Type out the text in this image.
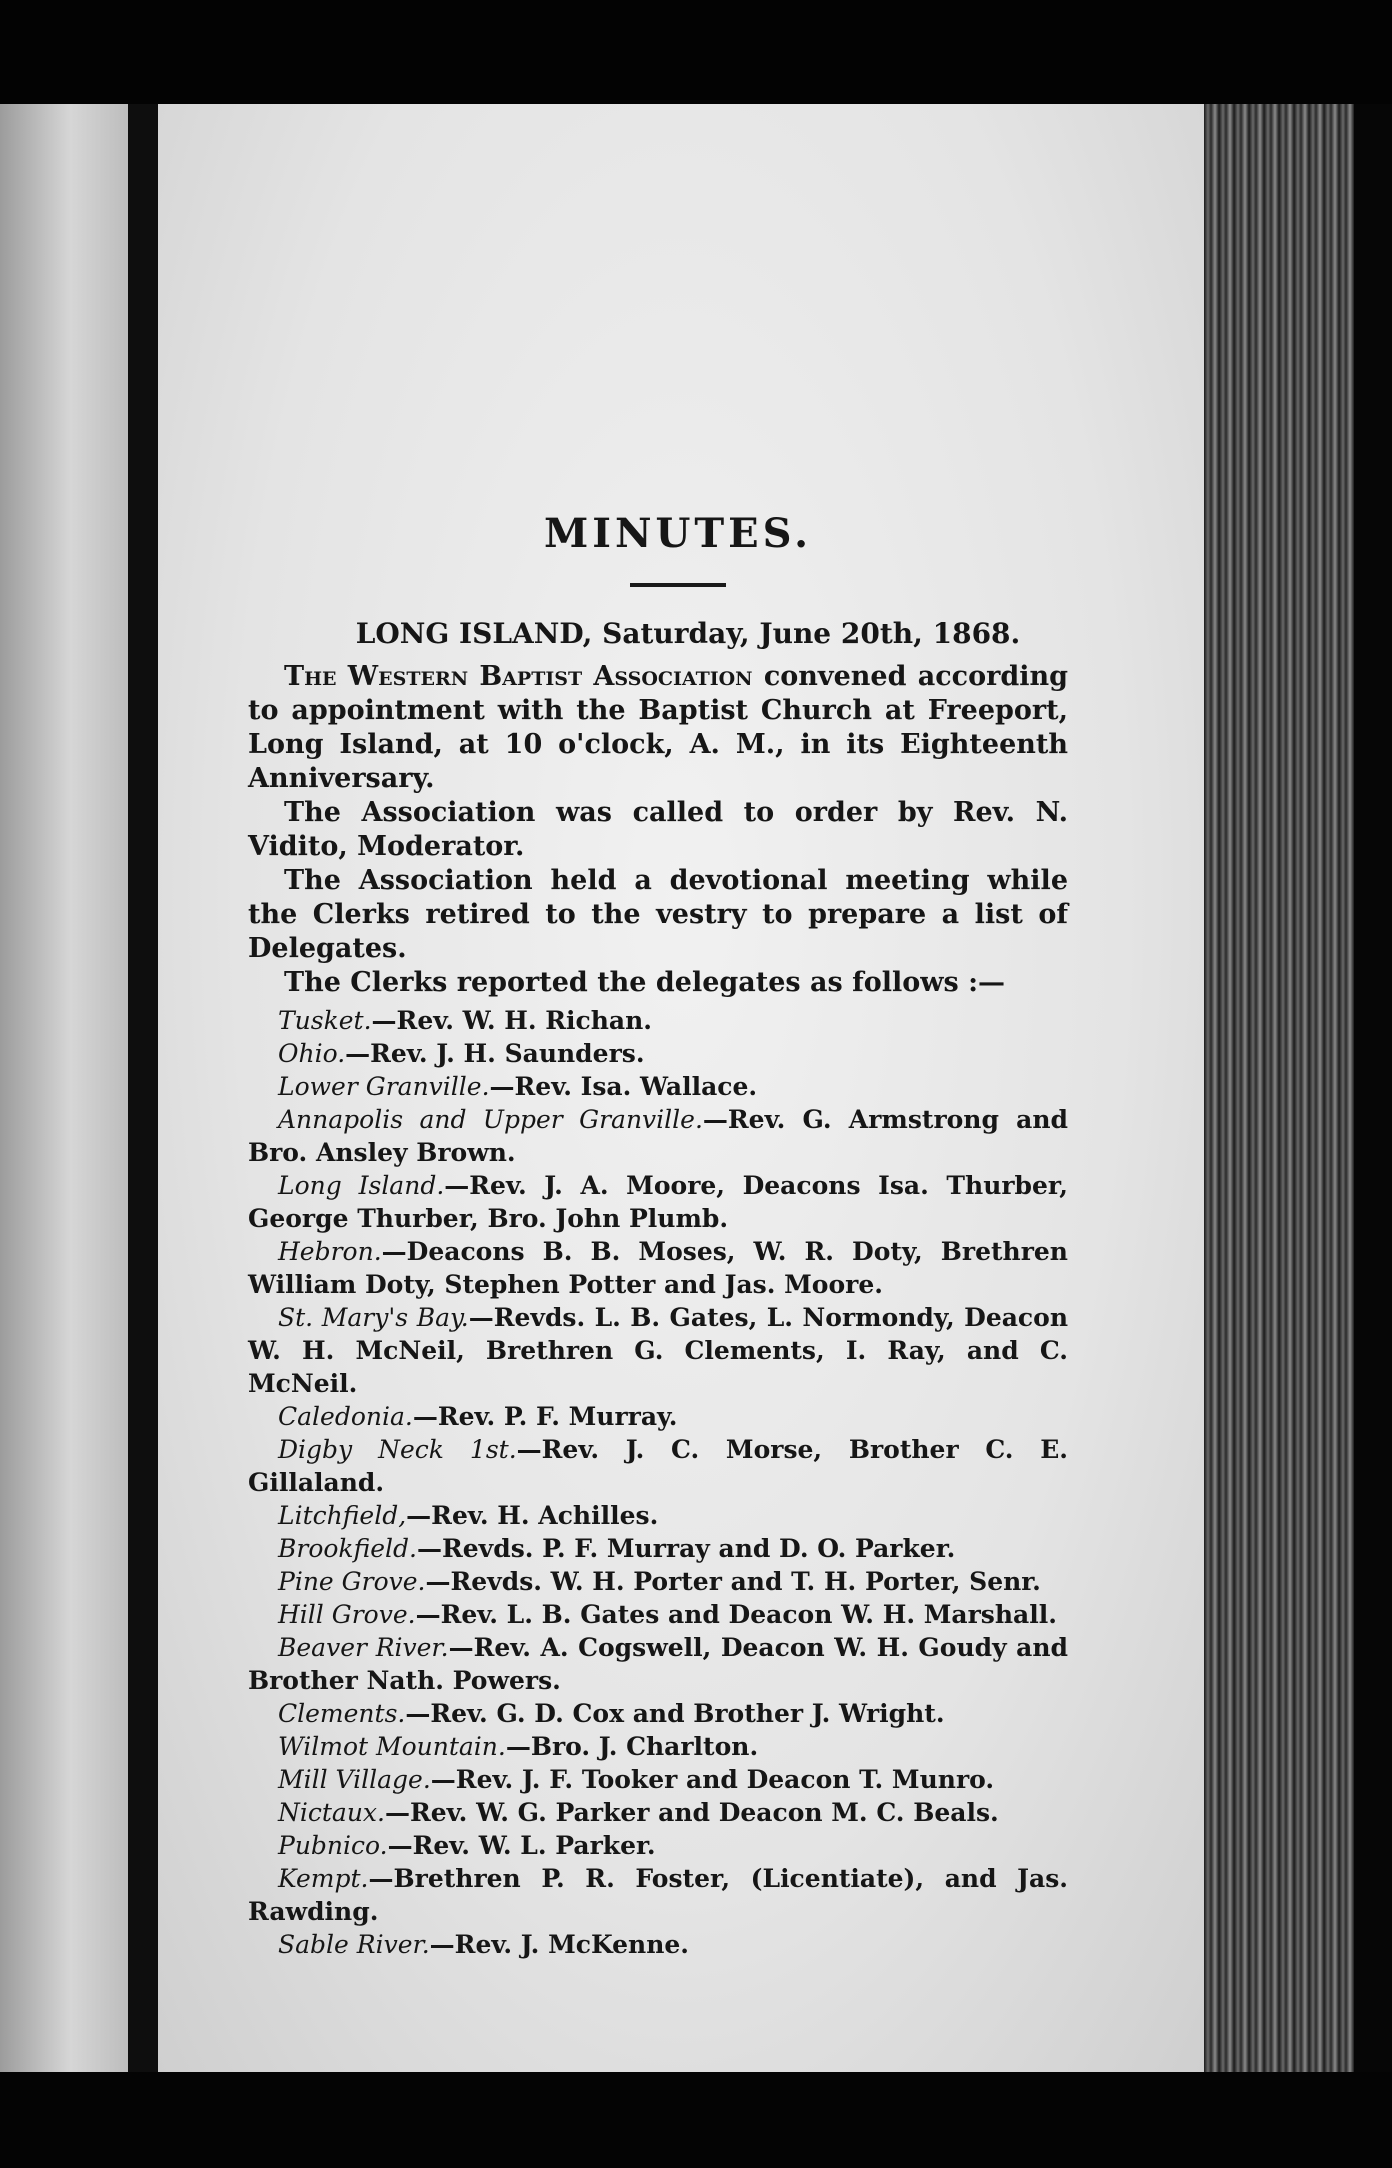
MINUTES.

LONG ISLAND, Saturday, June 20th, 1868.

The Western Baptist Association convened according to appointment with the Baptist Church at Freeport, Long Island, at 10 o'clock, A. M., in its Eighteenth Anniversary.

The Association was called to order by Rev. N. Vidito, Moderator.

The Association held a devotional meeting while the Clerks retired to the vestry to prepare a list of Delegates.

The Clerks reported the delegates as follows :—

Tusket.—Rev. W. H. Richan.

Ohio.—Rev. J. H. Saunders.

Lower Granville.—Rev. Isa. Wallace.

Annapolis and Upper Granville.—Rev. G. Armstrong and Bro. Ansley Brown.

Long Island.—Rev. J. A. Moore, Deacons Isa. Thurber, George Thurber, Bro. John Plumb.

Hebron.—Deacons B. B. Moses, W. R. Doty, Brethren William Doty, Stephen Potter and Jas. Moore.

St. Mary's Bay.—Revds. L. B. Gates, L. Normondy, Deacon W. H. McNeil, Brethren G. Clements, I. Ray, and C. McNeil.

Caledonia.—Rev. P. F. Murray.

Digby Neck 1st.—Rev. J. C. Morse, Brother C. E. Gillaland.

Litchfield,—Rev. H. Achilles.

Brookfield.—Revds. P. F. Murray and D. O. Parker.

Pine Grove.—Revds. W. H. Porter and T. H. Porter, Senr.

Hill Grove.—Rev. L. B. Gates and Deacon W. H. Marshall.

Beaver River.—Rev. A. Cogswell, Deacon W. H. Goudy and Brother Nath. Powers.

Clements.—Rev. G. D. Cox and Brother J. Wright.

Wilmot Mountain.—Bro. J. Charlton.

Mill Village.—Rev. J. F. Tooker and Deacon T. Munro.

Nictaux.—Rev. W. G. Parker and Deacon M. C. Beals.

Pubnico.—Rev. W. L. Parker.

Kempt.—Brethren P. R. Foster, (Licentiate), and Jas. Rawding.

Sable River.—Rev. J. McKenne.
